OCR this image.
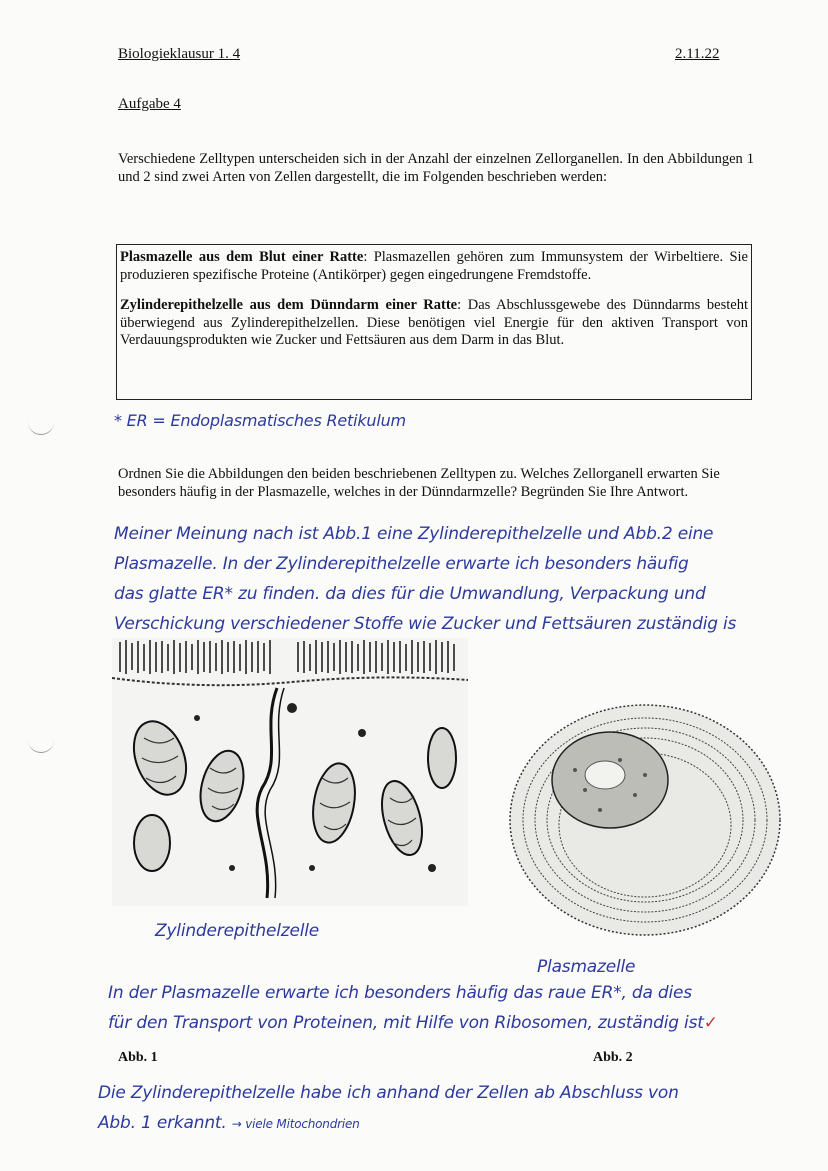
Biologieklausur 1. 4	2.11.22
Aufgabe 4
Verschiedene Zelltypen unterscheiden sich in der Anzahl der einzelnen Zellorganellen. In den Abbildungen 1 und 2 sind zwei Arten von Zellen dargestellt, die im Folgenden beschrieben werden:

Plasmazelle aus dem Blut einer Ratte: Plasmazellen gehören zum Immunsystem der Wirbeltiere. Sie produzieren spezifische Proteine (Antikörper) gegen eingedrungene Fremdstoffe.

Zylinderepithelzelle aus dem Dünndarm einer Ratte: Das Abschlussgewebe des Dünndarms besteht überwiegend aus Zylinderepithelzellen. Diese benötigen viel Energie für den aktiven Transport von Verdauungsprodukten wie Zucker und Fettsäuren aus dem Darm in das Blut.

* ER = Endoplasmatisches Retikulum
Ordnen Sie die Abbildungen den beiden beschriebenen Zelltypen zu. Welches Zellorganell erwarten Sie besonders häufig in der Plasmazelle, welches in der Dünndarmzelle? Begründen Sie Ihre Antwort.
Meiner Meinung nach ist Abb.1 eine Zylinderepithelzelle und Abb.2 eine
Plasmazelle. In der Zylinderepithelzelle erwarte ich besonders häufig
das glatte ER* zu finden. da dies für die Umwandlung, Verpackung und
Verschickung verschiedener Stoffe wie Zucker und Fettsäuren zuständig is
Zylinderepithelzelle
Plasmazelle
In der Plasmazelle erwarte ich besonders häufig das raue ER*, da dies
für den Transport von Proteinen, mit Hilfe von Ribosomen, zuständig ist✓
Abb. 1	Abb. 2
Die Zylinderepithelzelle habe ich anhand der Zellen ab Abschluss von
Abb. 1 erkannt. → viele Mitochondrien
